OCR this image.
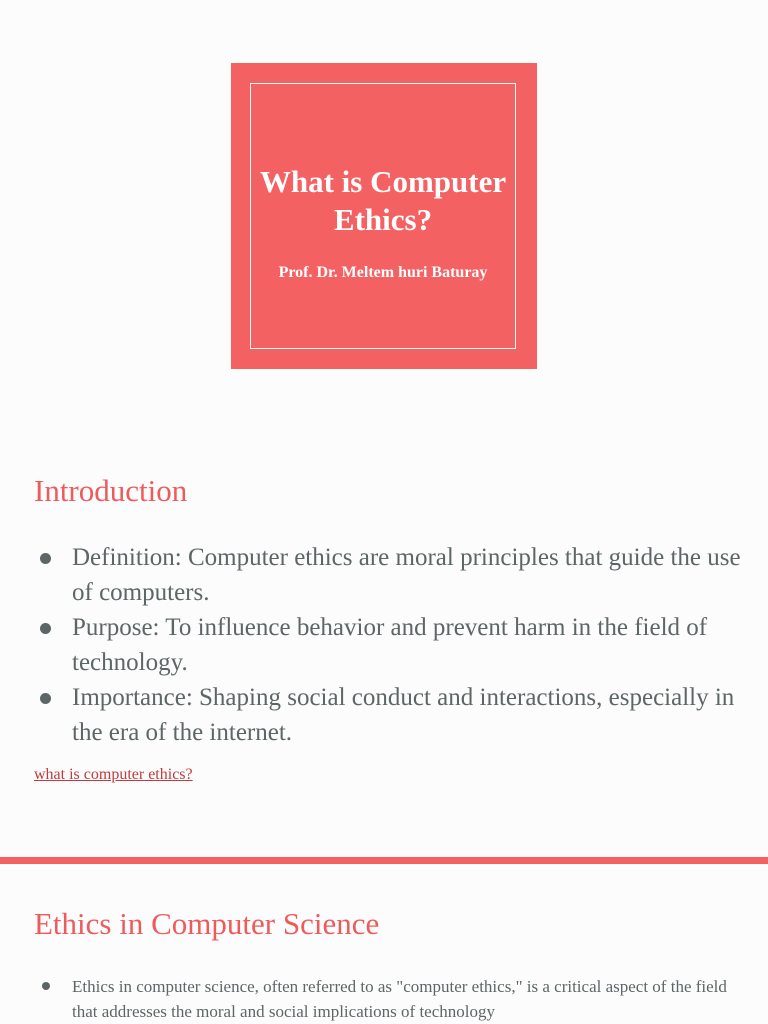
What is Computer Ethics?
Prof. Dr. Meltem huri Baturay
Introduction
Definition: Computer ethics are moral principles that guide the use of computers.
Purpose: To influence behavior and prevent harm in the field of technology.
Importance: Shaping social conduct and interactions, especially in the era of the internet.
what is computer ethics?
Ethics in Computer Science
Ethics in computer science, often referred to as "computer ethics," is a critical aspect of the field that addresses the moral and social implications of technology
